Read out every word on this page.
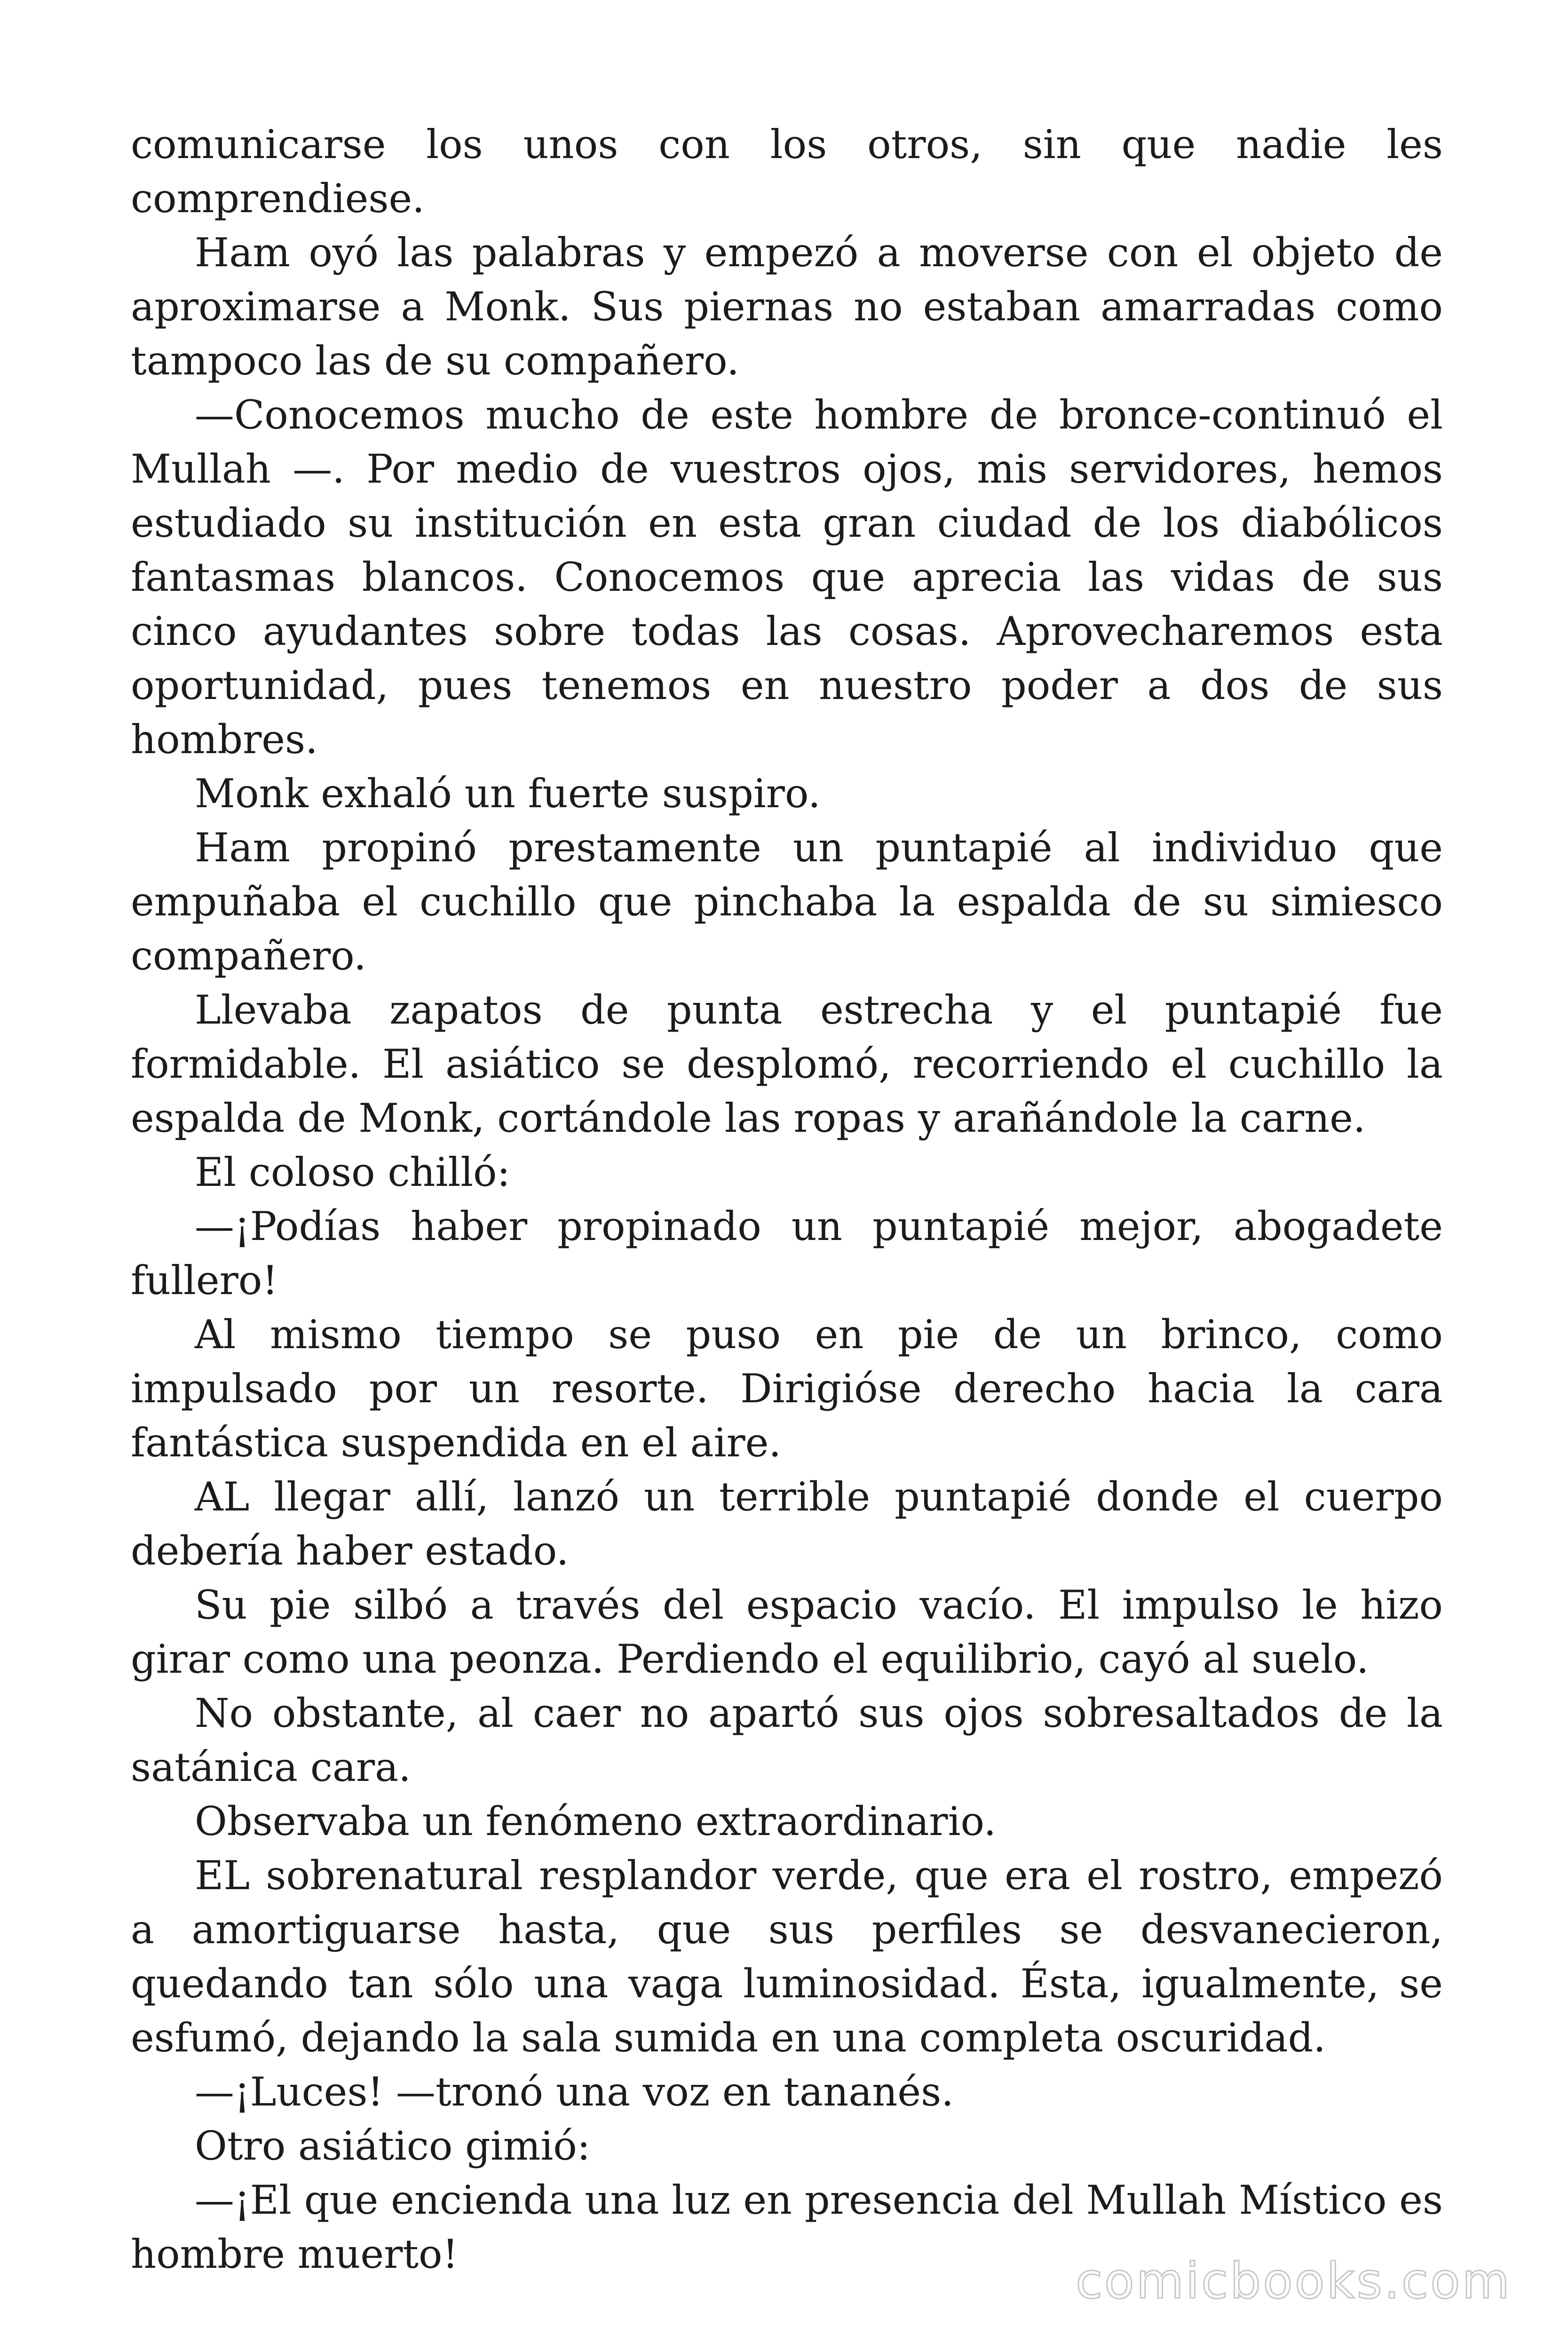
comunicarse los unos con los otros, sin que nadie les comprendiese.

Ham oyó las palabras y empezó a moverse con el objeto de aproximarse a Monk. Sus piernas no estaban amarradas como tampoco las de su compañero.

—Conocemos mucho de este hombre de bronce-continuó el Mullah —. Por medio de vuestros ojos, mis servidores, hemos estudiado su institución en esta gran ciudad de los diabólicos fantasmas blancos. Conocemos que aprecia las vidas de sus cinco ayudantes sobre todas las cosas. Aprovecharemos esta oportunidad, pues tenemos en nuestro poder a dos de sus hombres.

Monk exhaló un fuerte suspiro.

Ham propinó prestamente un puntapié al individuo que empuñaba el cuchillo que pinchaba la espalda de su simiesco compañero.

Llevaba zapatos de punta estrecha y el puntapié fue formidable. El asiático se desplomó, recorriendo el cuchillo la espalda de Monk, cortándole las ropas y arañándole la carne.

El coloso chilló:

—¡Podías haber propinado un puntapié mejor, abogadete fullero!

Al mismo tiempo se puso en pie de un brinco, como impulsado por un resorte. Dirigióse derecho hacia la cara fantástica suspendida en el aire.

AL llegar allí, lanzó un terrible puntapié donde el cuerpo debería haber estado.

Su pie silbó a través del espacio vacío. El impulso le hizo girar como una peonza. Perdiendo el equilibrio, cayó al suelo.

No obstante, al caer no apartó sus ojos sobresaltados de la satánica cara.

Observaba un fenómeno extraordinario.

EL sobrenatural resplandor verde, que era el rostro, empezó a amortiguarse hasta, que sus perfiles se desvanecieron, quedando tan sólo una vaga luminosidad. Ésta, igualmente, se esfumó, dejando la sala sumida en una completa oscuridad.

—¡Luces! —tronó una voz en tananés.

Otro asiático gimió:

—¡El que encienda una luz en presencia del Mullah Místico es hombre muerto!	comicbooks.com
